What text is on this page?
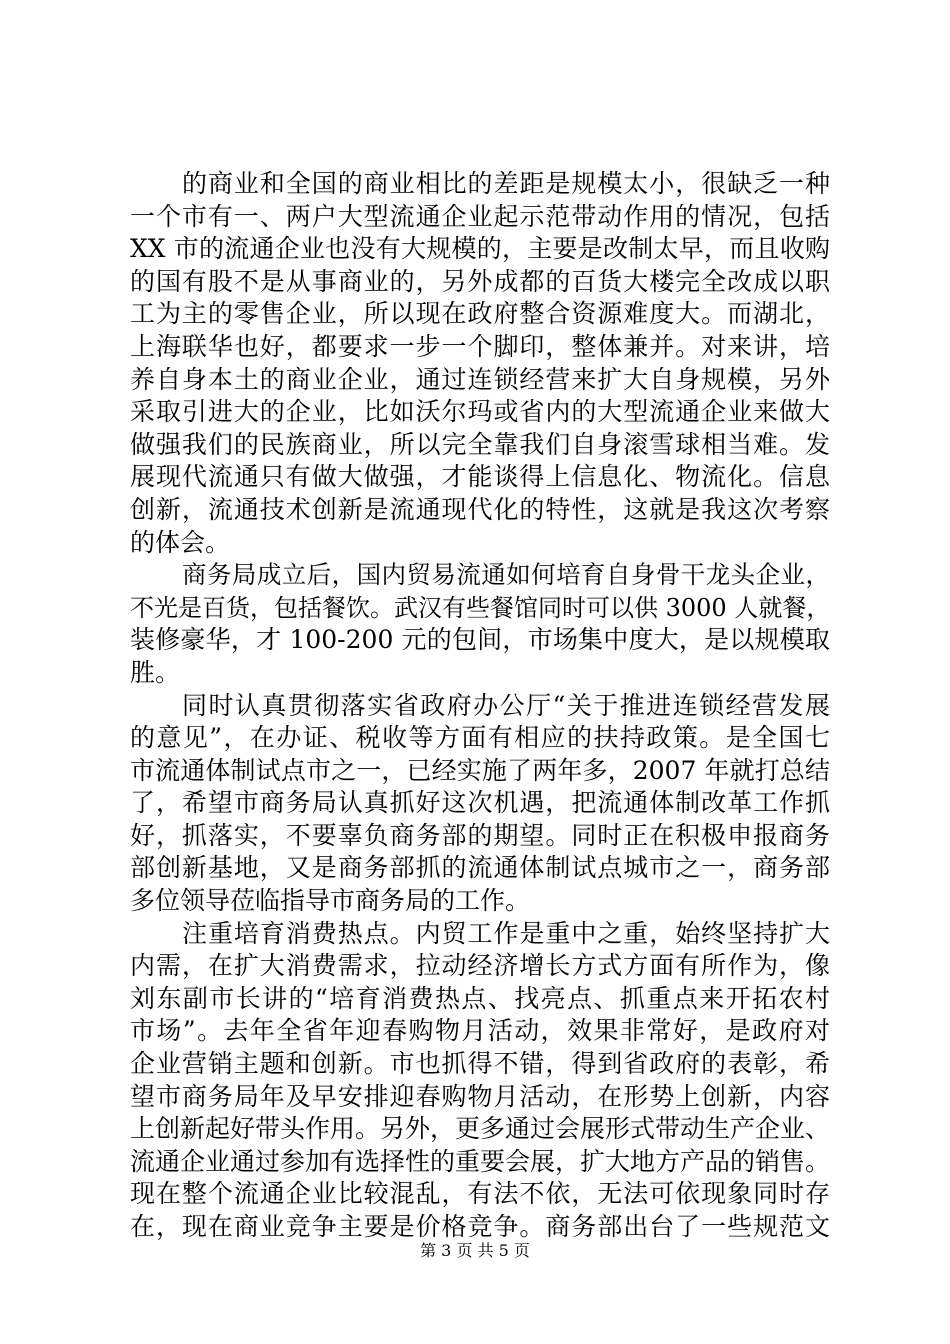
的商业和全国的商业相比的差距是规模太小，很缺乏一种
一个市有一、两户大型流通企业起示范带动作用的情况，包括
XX 市的流通企业也没有大规模的，主要是改制太早，而且收购
的国有股不是从事商业的，另外成都的百货大楼完全改成以职
工为主的零售企业，所以现在政府整合资源难度大。而湖北，
上海联华也好，都要求一步一个脚印，整体兼并。对来讲，培
养自身本土的商业企业，通过连锁经营来扩大自身规模，另外
采取引进大的企业，比如沃尔玛或省内的大型流通企业来做大
做强我们的民族商业，所以完全靠我们自身滚雪球相当难。发
展现代流通只有做大做强，才能谈得上信息化、物流化。信息
创新，流通技术创新是流通现代化的特性，这就是我这次考察
的体会。
商务局成立后，国内贸易流通如何培育自身骨干龙头企业，
不光是百货，包括餐饮。武汉有些餐馆同时可以供 3000 人就餐，
装修豪华，才 100-200 元的包间，市场集中度大，是以规模取
胜。
同时认真贯彻落实省政府办公厅“关于推进连锁经营发展
的意见”，在办证、税收等方面有相应的扶持政策。是全国七
市流通体制试点市之一，已经实施了两年多，2007 年就打总结
了，希望市商务局认真抓好这次机遇，把流通体制改革工作抓
好，抓落实，不要辜负商务部的期望。同时正在积极申报商务
部创新基地，又是商务部抓的流通体制试点城市之一，商务部
多位领导莅临指导市商务局的工作。
注重培育消费热点。内贸工作是重中之重，始终坚持扩大
内需，在扩大消费需求，拉动经济增长方式方面有所作为，像
刘东副市长讲的“培育消费热点、找亮点、抓重点来开拓农村
市场”。去年全省年迎春购物月活动，效果非常好，是政府对
企业营销主题和创新。市也抓得不错，得到省政府的表彰，希
望市商务局年及早安排迎春购物月活动，在形势上创新，内容
上创新起好带头作用。另外，更多通过会展形式带动生产企业、
流通企业通过参加有选择性的重要会展，扩大地方产品的销售。
现在整个流通企业比较混乱，有法不依，无法可依现象同时存
在，现在商业竞争主要是价格竞争。商务部出台了一些规范文
第 3 页 共 5 页
